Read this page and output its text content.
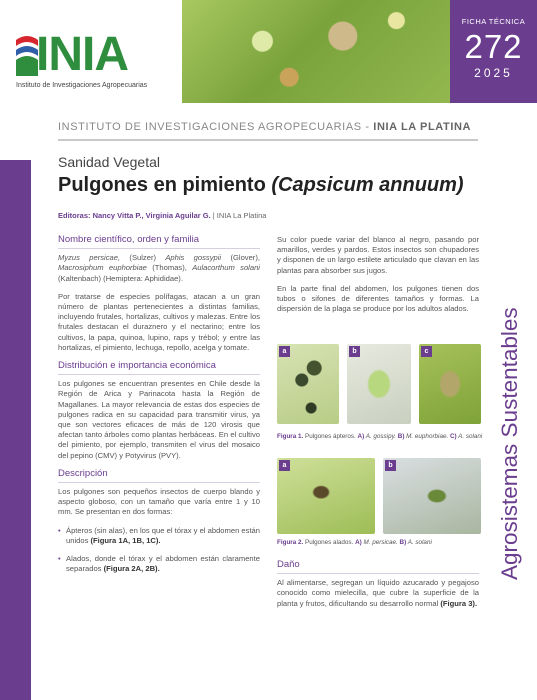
INIA
Instituto de Investigaciones Agropecuarias
FICHA TÉCNICA
272
2025
INSTITUTO DE INVESTIGACIONES AGROPECUARIAS - INIA LA PLATINA
Agrosistemas Sustentables
Sanidad Vegetal
Pulgones en pimiento (Capsicum annuum)
Editoras: Nancy Vitta P., Virginia Aguilar G. | INIA La Platina
Nombre científico, orden y familia
Myzus persicae, (Sulzer) Aphis gossypii (Glover), Macrosiphum euphorbiae (Thomas), Aulacorthum solani (Kaltenbach) (Hemiptera: Aphididae).
Por tratarse de especies polífagas, atacan a un gran número de plantas pertenecientes a distintas familias, incluyendo frutales, hortalizas, cultivos y malezas. Entre los frutales destacan el duraznero y el nectarino; entre los cultivos, la papa, quinoa, lupino, raps y trébol; y entre las hortalizas, el pimiento, lechuga, repollo, acelga y tomate.
Distribución e importancia económica
Los pulgones se encuentran presentes en Chile desde la Región de Arica y Parinacota hasta la Región de Magallanes. La mayor relevancia de estas dos especies de pulgones radica en su capacidad para transmitir virus, ya que son vectores eficaces de más de 120 virosis que afectan tanto árboles como plantas herbáceas. En el cultivo del pimiento, por ejemplo, transmiten el virus del mosaico del pepino (CMV) y Potyvirus (PVY).
Descripción
Los pulgones son pequeños insectos de cuerpo blando y aspecto globoso, con un tamaño que varía entre 1 y 10 mm. Se presentan en dos formas:
• Ápteros (sin alas), en los que el tórax y el abdomen están unidos (Figura 1A, 1B, 1C).
• Alados, donde el tórax y el abdomen están claramente separados (Figura 2A, 2B).
Su color puede variar del blanco al negro, pasando por amarillos, verdes y pardos. Estos insectos son chupadores y disponen de un largo estilete articulado que clavan en las plantas para absorber sus jugos.
En la parte final del abdomen, los pulgones tienen dos tubos o sifones de diferentes tamaños y formas. La dispersión de la plaga se produce por los adultos alados.
a	b	c
Figura 1. Pulgones ápteros. A) A. gossipy. B) M. euphorbiae. C) A. solani
a	b
Figura 2. Pulgones alados. A) M. persicae. B) A. solani
Daño
Al alimentarse, segregan un líquido azucarado y pegajoso conocido como mielecilla, que cubre la superficie de la planta y frutos, dificultando su desarrollo normal (Figura 3).
